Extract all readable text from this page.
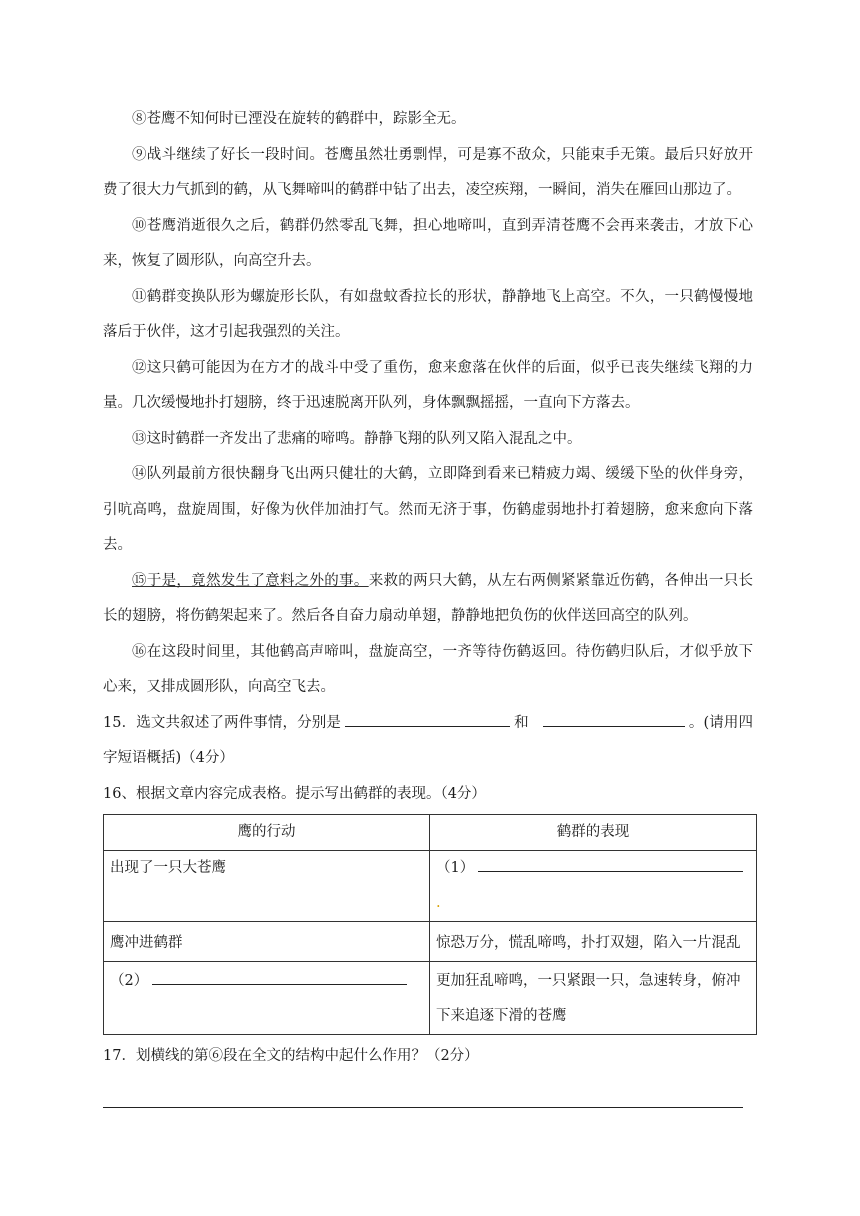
⑧苍鹰不知何时已湮没在旋转的鹤群中，踪影全无。

⑨战斗继续了好长一段时间。苍鹰虽然壮勇剽悍，可是寡不敌众，只能束手无策。最后只好放开费了很大力气抓到的鹤，从飞舞啼叫的鹤群中钻了出去，凌空疾翔，一瞬间，消失在雁回山那边了。

⑩苍鹰消逝很久之后，鹤群仍然零乱飞舞，担心地啼叫，直到弄清苍鹰不会再来袭击，才放下心来，恢复了圆形队，向高空升去。

⑪鹤群变换队形为螺旋形长队，有如盘蚊香拉长的形状，静静地飞上高空。不久，一只鹤慢慢地落后于伙伴，这才引起我强烈的关注。

⑫这只鹤可能因为在方才的战斗中受了重伤，愈来愈落在伙伴的后面，似乎已丧失继续飞翔的力量。几次缓慢地扑打翅膀，终于迅速脱离开队列，身体飘飘摇摇，一直向下方落去。

⑬这时鹤群一齐发出了悲痛的啼鸣。静静飞翔的队列又陷入混乱之中。

⑭队列最前方很快翻身飞出两只健壮的大鹤，立即降到看来已精疲力竭、缓缓下坠的伙伴身旁，引吭高鸣，盘旋周围，好像为伙伴加油打气。然而无济于事，伤鹤虚弱地扑打着翅膀，愈来愈向下落去。

⑮于是，竟然发生了意料之外的事。来救的两只大鹤，从左右两侧紧紧靠近伤鹤，各伸出一只长长的翅膀，将伤鹤架起来了。然后各自奋力扇动单翅，静静地把负伤的伙伴送回高空的队列。

⑯在这段时间里，其他鹤高声啼叫，盘旋高空，一齐等待伤鹤返回。待伤鹤归队后，才似乎放下心来，又排成圆形队，向高空飞去。

15．选文共叙述了两件事情，分别是	和	。(请用四字短语概括)（4分）

16、根据文章内容完成表格。提示写出鹤群的表现。（4分）

鹰的行动	鹤群的表现
出现了一只大苍鹰	（1）.
鹰冲进鹤群	惊恐万分，慌乱啼鸣，扑打双翅，陷入一片混乱
（2）	更加狂乱啼鸣，一只紧跟一只，急速转身，俯冲下来追逐下滑的苍鹰

17．划横线的第⑥段在全文的结构中起什么作用？（2分）
